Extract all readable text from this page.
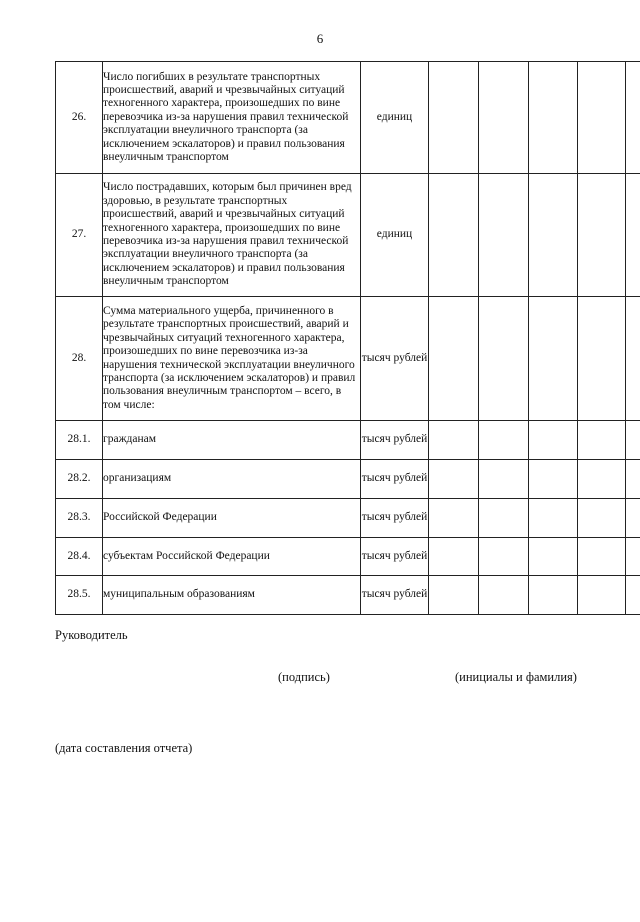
6
26.	Число погибших в результате транспортных происшествий, аварий и чрезвычайных ситуаций техногенного характера, произошедших по вине перевозчика из-за нарушения правил технической эксплуатации внеуличного транспорта (за исключением эскалаторов) и правил пользования внеуличным транспортом	единиц					
27.	Число пострадавших, которым был причинен вред здоровью, в результате транспортных происшествий, аварий и чрезвычайных ситуаций техногенного характера, произошедших по вине перевозчика из-за нарушения правил технической эксплуатации внеуличного транспорта (за исключением эскалаторов) и правил пользования внеуличным транспортом	единиц					
28.	Сумма материального ущерба, причиненного в результате транспортных происшествий, аварий и чрезвычайных ситуаций техногенного характера, произошедших по вине перевозчика из-за нарушения технической эксплуатации внеуличного транспорта (за исключением эскалаторов) и правил пользования внеуличным транспортом – всего, в том числе:	тысяч рублей					
28.1.	гражданам	тысяч рублей					
28.2.	организациям	тысяч рублей					
28.3.	Российской Федерации	тысяч рублей					
28.4.	субъектам Российской Федерации	тысяч рублей					
28.5.	муниципальным образованиям	тысяч рублей					
Руководитель
(подпись)	(инициалы и фамилия)
(дата составления отчета)
